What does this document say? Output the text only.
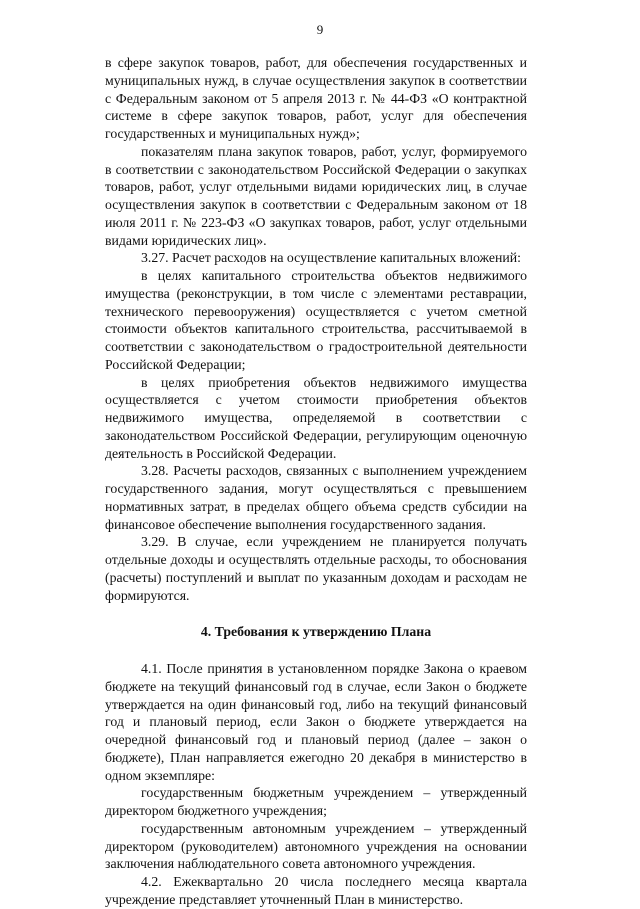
9

в сфере закупок товаров, работ, для обеспечения государственных и муниципальных нужд, в случае осуществления закупок в соответствии с Федеральным законом от 5 апреля 2013 г. № 44-ФЗ «О контрактной системе в сфере закупок товаров, работ, услуг для обеспечения государственных и муниципальных нужд»;

показателям плана закупок товаров, работ, услуг, формируемого в соответствии с законодательством Российской Федерации о закупках товаров, работ, услуг отдельными видами юридических лиц, в случае осуществления закупок в соответствии с Федеральным законом от 18 июля 2011 г. № 223-ФЗ «О закупках товаров, работ, услуг отдельными видами юридических лиц».

3.27. Расчет расходов на осуществление капитальных вложений:

в целях капитального строительства объектов недвижимого имущества (реконструкции, в том числе с элементами реставрации, технического перевооружения) осуществляется с учетом сметной стоимости объектов капитального строительства, рассчитываемой в соответствии с законодательством о градостроительной деятельности Российской Федерации;

в целях приобретения объектов недвижимого имущества осуществляется с учетом стоимости приобретения объектов недвижимого имущества, определяемой в соответствии с законодательством Российской Федерации, регулирующим оценочную деятельность в Российской Федерации.

3.28. Расчеты расходов, связанных с выполнением учреждением государственного задания, могут осуществляться с превышением нормативных затрат, в пределах общего объема средств субсидии на финансовое обеспечение выполнения государственного задания.

3.29. В случае, если учреждением не планируется получать отдельные доходы и осуществлять отдельные расходы, то обоснования (расчеты) поступлений и выплат по указанным доходам и расходам не формируются.

4. Требования к утверждению Плана

4.1. После принятия в установленном порядке Закона о краевом бюджете на текущий финансовый год в случае, если Закон о бюджете утверждается на один финансовый год, либо на текущий финансовый год и плановый период, если Закон о бюджете утверждается на очередной финансовый год и плановый период (далее – закон о бюджете), План направляется ежегодно 20 декабря в министерство в одном экземпляре:

государственным бюджетным учреждением – утвержденный директором бюджетного учреждения;

государственным автономным учреждением – утвержденный директором (руководителем) автономного учреждения на основании заключения наблюдательного совета автономного учреждения.

4.2. Ежеквартально 20 числа последнего месяца квартала учреждение представляет уточненный План в министерство.
